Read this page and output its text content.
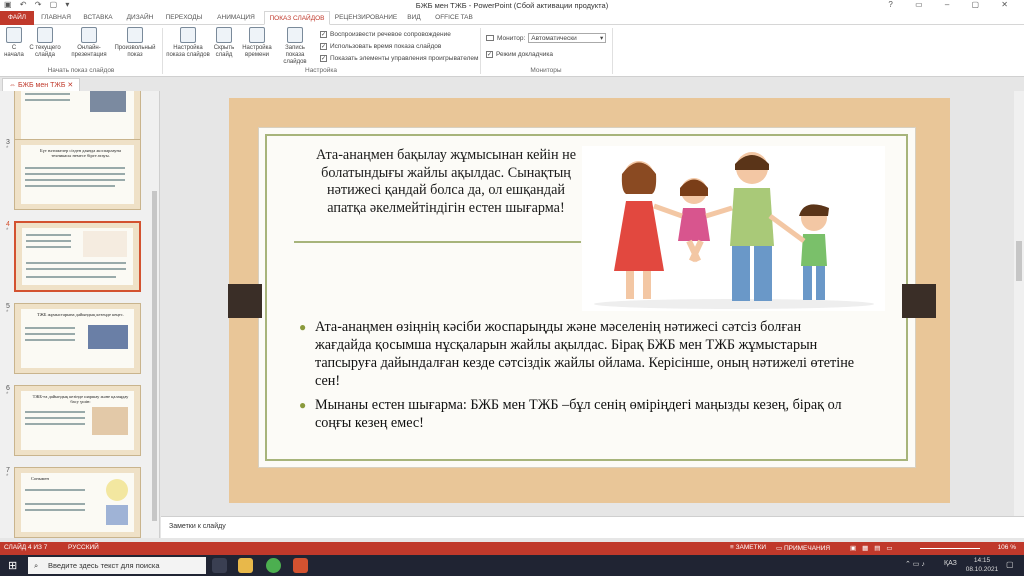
▣ ↶ ↷ ▢ ▾	БЖБ мен ТЖБ - PowerPoint (Сбой активации продукта)	? ▭ – ▢ ✕
ФАЙЛ	ГЛАВНАЯ	ВСТАВКА	ДИЗАЙН	ПЕРЕХОДЫ	АНИМАЦИЯ	ПОКАЗ СЛАЙДОВ	РЕЦЕНЗИРОВАНИЕ	ВИД	OFFICE TAB
С начала
С текущего слайда
Онлайн-презентация
Произвольный показ
Начать показ слайдов
Настройка показа слайдов
Скрыть слайд
Настройка времени
Запись показа слайдов
✓ Воспроизвести речевое сопровождение
✓ Использовать время показа слайдов
✓ Показать элементы управления проигрывателем
Настройка
Монитор: Автоматически	▾
✓ Режим докладчика
Мониторы
⇔ БЖБ мен ТЖБ ✕
3
*	Бүт нәтижелер сізден даянда жоспарлауна техникасы немесе бірге атауы.
4
*
5
*	ТЖБ жұмыстарына дайындық кезеңде кеңес.
6
*	ТЖБ-ға дайындық кезінде шаршау және қалаңдау басу үшін:
7
*	Сонымен
Ата-анаңмен бақылау жұмысынан кейін не болатындығы жайлы ақылдас. Сынақтың нәтижесі қандай болса да, ол ешқандай апатқа әкелмейтіндігін естен шығарма!
● Ата-анаңмен өзіңнің кәсіби жоспарыңды және мәселенің нәтижесі сәтсіз болған жағдайда қосымша нұсқаларын жайлы ақылдас. Бірақ БЖБ мен ТЖБ жұмыстарын тапсыруға дайындалған кезде сәтсіздік жайлы ойлама. Керісінше, оның нәтижелі өтетіне сен!
● Мынаны естен шығарма: БЖБ мен ТЖБ –бұл сенің өміріңдегі маңызды кезең, бірақ ол соңғы кезең емес!
Заметки к слайду
СЛАЙД 4 ИЗ 7	РУССКИЙ	≡ ЗАМЕТКИ ▭ ПРИМЕЧАНИЯ	▣▦▤▭	106 %
⊞ ⌕ Введите здесь текст для поиска	⌃ ▭ ♪	ҚАЗ	14:15
08.10.2021
▢
